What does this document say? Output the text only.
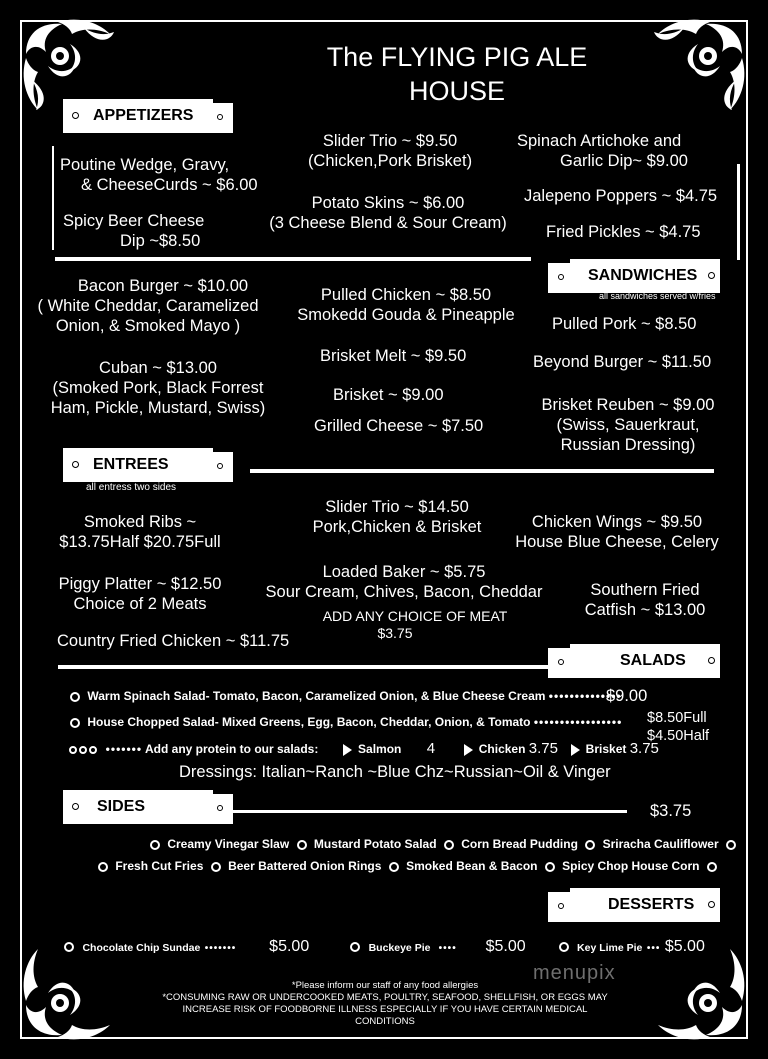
The FLYING PIG ALE
HOUSE
APPETIZERS
Poutine Wedge, Gravy,
& CheeseCurds ~ $6.00
Spicy Beer Cheese
Dip ~$8.50
Slider Trio ~ $9.50
(Chicken,Pork Brisket)
Potato Skins ~ $6.00
(3 Cheese Blend & Sour Cream)
Spinach Artichoke and
Garlic Dip~ $9.00
Jalepeno Poppers ~ $4.75
Fried Pickles ~ $4.75
SANDWICHES
all sandwiches served w/fries
Bacon Burger ~ $10.00
( White Cheddar, Caramelized
Onion, & Smoked Mayo )
Cuban ~ $13.00
(Smoked Pork, Black Forrest
Ham, Pickle, Mustard, Swiss)
Pulled Chicken ~ $8.50
Smokedd Gouda & Pineapple
Brisket Melt ~ $9.50
Brisket ~ $9.00
Grilled Cheese ~ $7.50
Pulled Pork ~ $8.50
Beyond Burger ~ $11.50
Brisket Reuben ~ $9.00
(Swiss, Sauerkraut,
Russian Dressing)
ENTREES
all entress two sides
Smoked Ribs ~
$13.75Half $20.75Full
Piggy Platter ~ $12.50
Choice of 2 Meats
Country Fried Chicken ~ $11.75
Slider Trio ~ $14.50
Pork,Chicken & Brisket
Loaded Baker ~ $5.75
Sour Cream, Chives, Bacon, Cheddar
ADD ANY CHOICE OF MEAT
$3.75
Chicken Wings ~ $9.50
House Blue Cheese, Celery
Southern Fried
Catfish ~ $13.00
SALADS
Warm Spinach Salad- Tomato, Bacon, Caramelized Onion, & Blue Cheese Cream ••••••••••••••
$9.00
House Chopped Salad- Mixed Greens, Egg, Bacon, Cheddar, Onion, & Tomato ••••••••••••••••• $8.50Full
$4.50Half
••••••• Add any protein to our salads:	Salmon 4	Chicken 3.75 Brisket 3.75
Dressings: Italian~Ranch ~Blue Chz~Russian~Oil & Vinger
SIDES	$3.75
Creamy Vinegar Slaw Mustard Potato Salad Corn Bread Pudding Sriracha Cauliflower
Fresh Cut Fries Beer Battered Onion Rings Smoked Bean & Bacon Spicy Chop House Corn
DESSERTS
Chocolate Chip Sundae ••••••• $5.00	Buckeye Pie  •••• $5.00	Key Lime Pie ••• $5.00
menupix
*Please inform our staff of any food allergies
*CONSUMING RAW OR UNDERCOOKED MEATS, POULTRY, SEAFOOD, SHELLFISH, OR EGGS MAY
INCREASE RISK OF FOODBORNE ILLNESS ESPECIALLY IF YOU HAVE CERTAIN MEDICAL
CONDITIONS
